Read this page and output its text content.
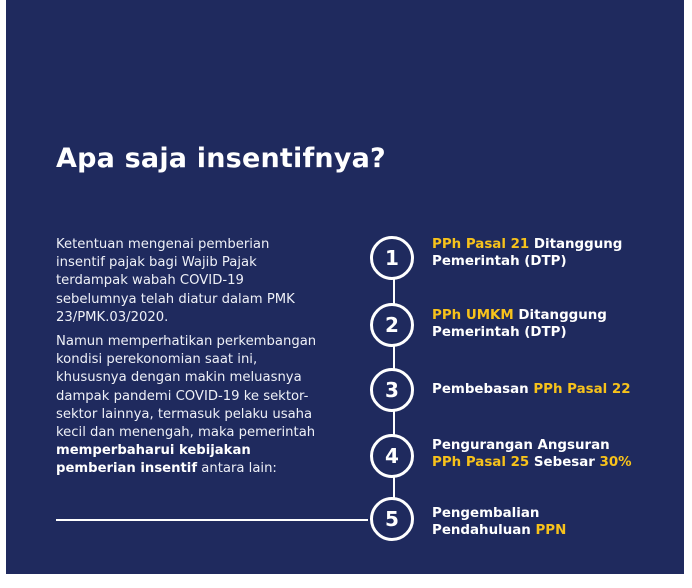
Apa saja insentifnya?

Ketentuan mengenai pemberian insentif pajak bagi Wajib Pajak terdampak wabah COVID-19 sebelumnya telah diatur dalam PMK 23/PMK.03/2020.

Namun memperhatikan perkembangan kondisi perekonomian saat ini, khususnya dengan makin meluasnya dampak pandemi COVID-19 ke sektor-sektor lainnya, termasuk pelaku usaha kecil dan menengah, maka pemerintah memperbaharui kebijakan pemberian insentif antara lain:

1
2
3
4
5
PPh Pasal 21 Ditanggung
Pemerintah (DTP)
PPh UMKM Ditanggung
Pemerintah (DTP)
Pembebasan PPh Pasal 22
Pengurangan Angsuran
PPh Pasal 25 Sebesar 30%
Pengembalian
Pendahuluan PPN
